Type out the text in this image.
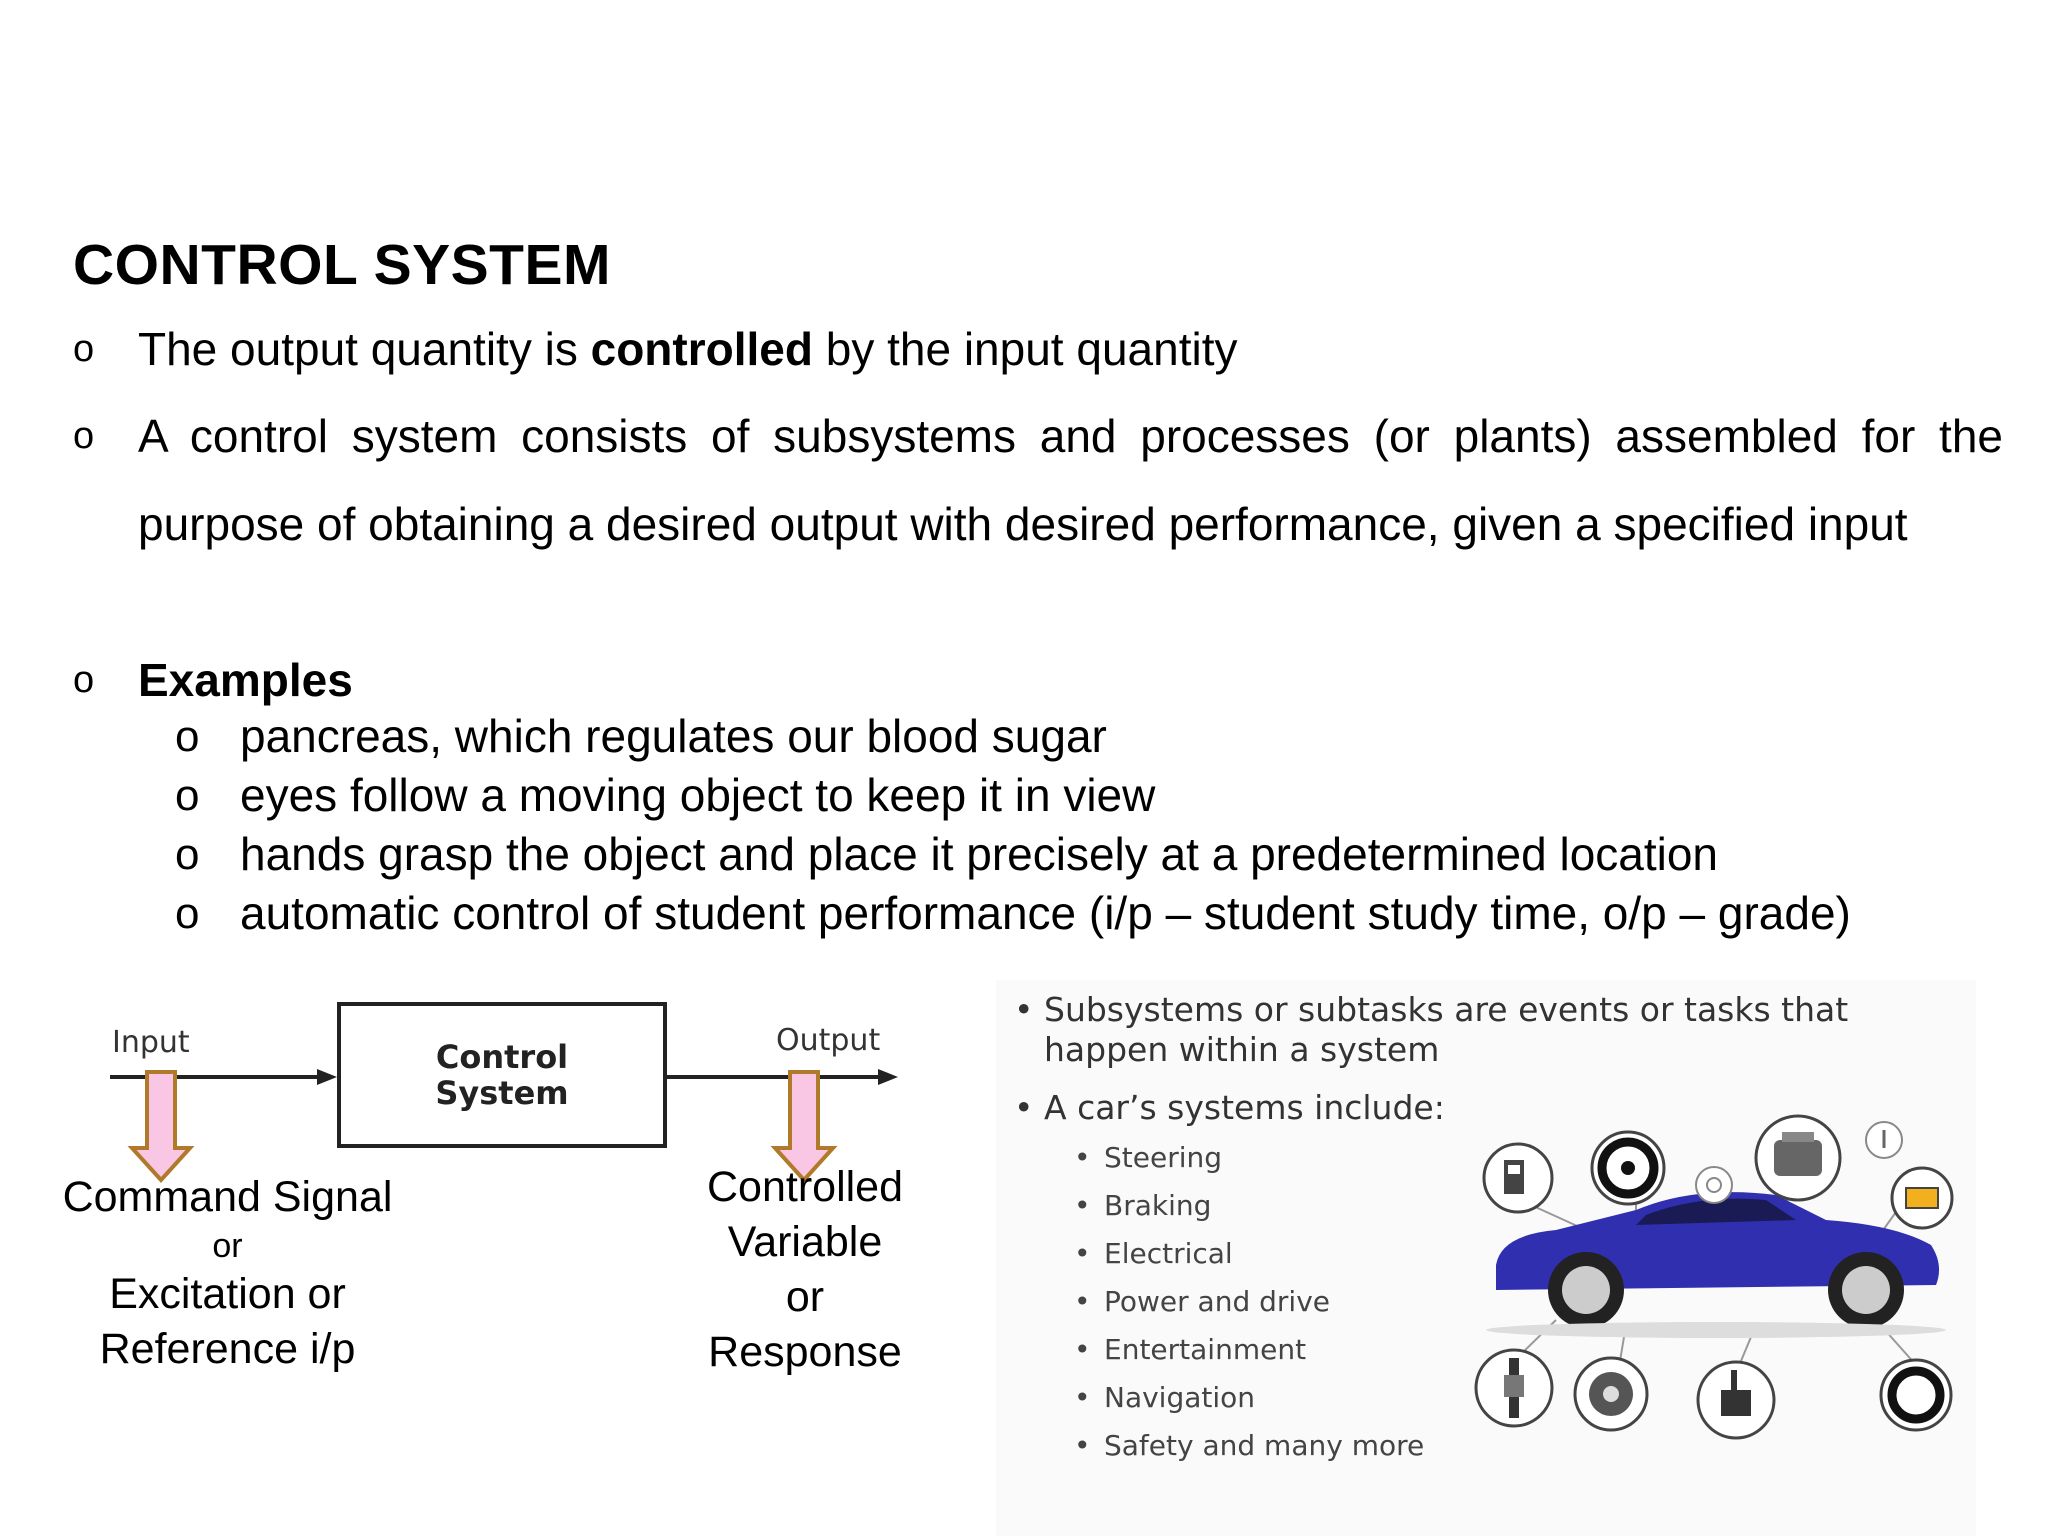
CONTROL SYSTEM
o The output quantity is controlled by the input quantity
o A control system consists of subsystems and processes (or plants) assembled for the purpose of obtaining a desired output with desired performance, given a specified input
o Examples
o pancreas, which regulates our blood sugar
o eyes follow a moving object to keep it in view
o hands grasp the object and place it precisely at a predetermined location
o automatic control of student performance (i/p – student study time, o/p – grade)
Input	Output
Control
System
Command Signal
or
Excitation or
Reference i/p
Controlled
Variable
or
Response
• Subsystems or subtasks are events or tasks that happen within a system
• A car’s systems include:
• Steering
• Braking
• Electrical
• Power and drive
• Entertainment
• Navigation
• Safety and many more
